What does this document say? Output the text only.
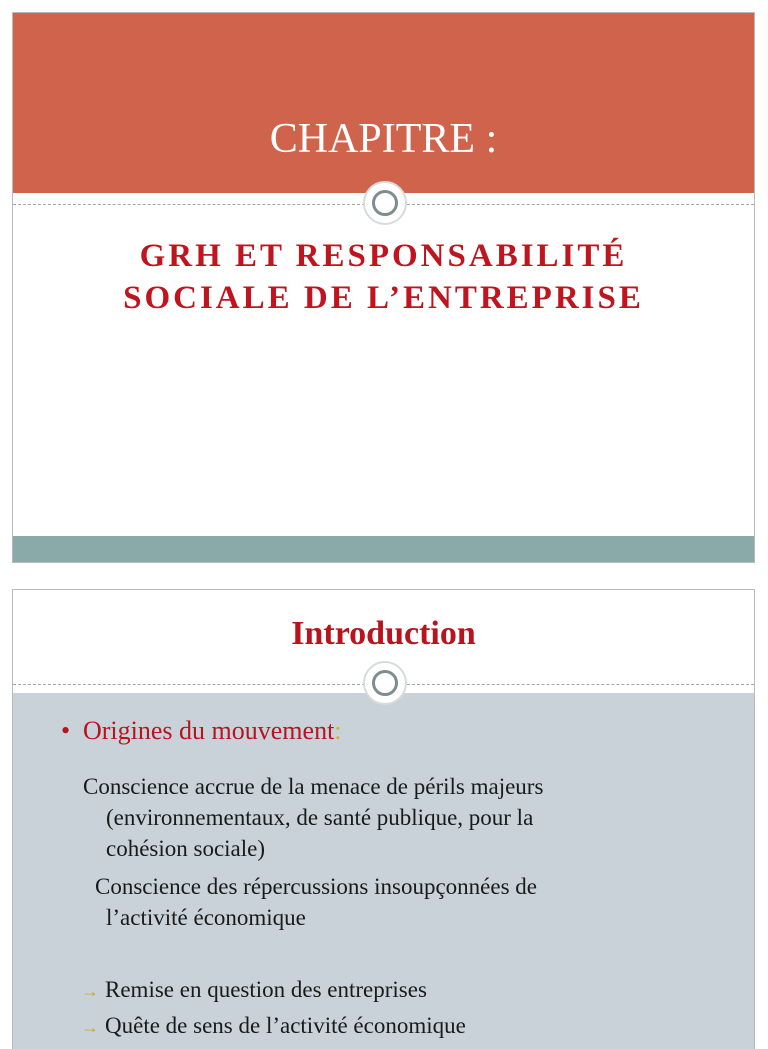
CHAPITRE :
GRH ET RESPONSABILITÉ
SOCIALE DE L’ENTREPRISE
Introduction
• Origines du mouvement:
Conscience accrue de la menace de périls majeurs
(environnementaux, de santé publique, pour la
cohésion sociale)
Conscience des répercussions insoupçonnées de
l’activité économique
→ Remise en question des entreprises
→ Quête de sens de l’activité économique
